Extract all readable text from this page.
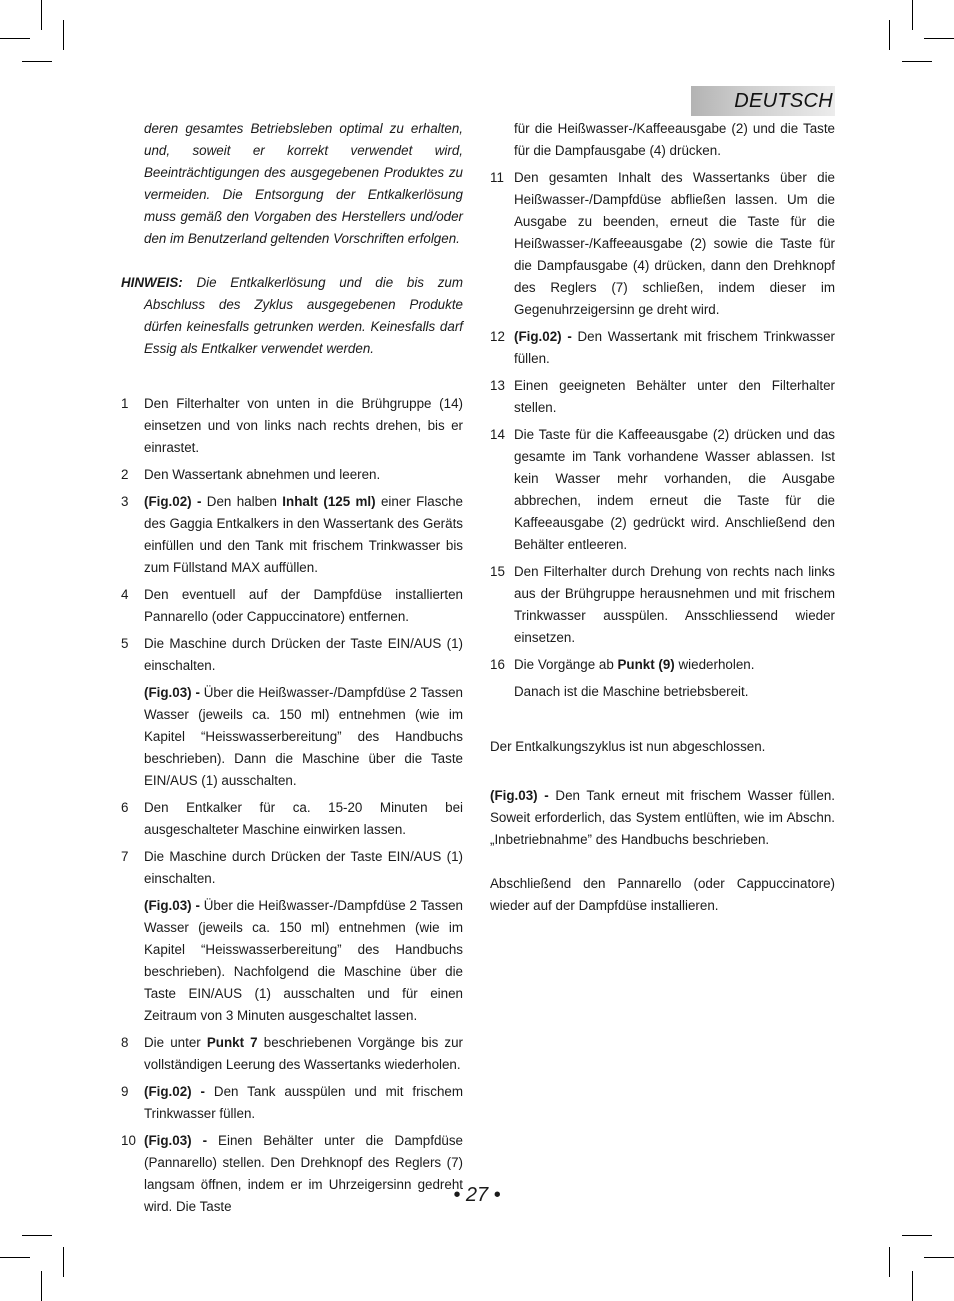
DEUTSCH
deren gesamtes Betriebsleben optimal zu erhalten, und, soweit er korrekt verwendet wird, Beeinträchtigungen des ausgegebenen Produktes zu vermeiden. Die Entsorgung der Entkalkerlösung muss gemäß den Vorgaben des Herstellers und/oder den im Benutzerland geltenden Vorschriften erfolgen.
HINWEIS: Die Entkalkerlösung und die bis zum Abschluss des Zyklus ausgegebenen Produkte dürfen keinesfalls getrunken werden. Keinesfalls darf Essig als Entkalker verwendet werden.
1 Den Filterhalter von unten in die Brühgruppe (14) einsetzen und von links nach rechts drehen, bis er einrastet.

2 Den Wassertank abnehmen und leeren.

3 (Fig.02) - Den halben Inhalt (125 ml) einer Flasche des Gaggia Entkalkers in den Wassertank des Geräts einfüllen und den Tank mit frischem Trinkwasser bis zum Füllstand MAX auffüllen.

4 Den eventuell auf der Dampfdüse installierten Pannarello (oder Cappuccinatore) entfernen.

5 Die Maschine durch Drücken der Taste EIN/AUS (1) einschalten.

(Fig.03) - Über die Heißwasser-/Dampfdüse 2 Tassen Wasser (jeweils ca. 150 ml) entnehmen (wie im Kapitel “Heisswasserbereitung” des Handbuchs beschrieben). Dann die Maschine über die Taste EIN/AUS (1) ausschalten.

6 Den Entkalker für ca. 15-20 Minuten bei ausgeschalteter Maschine einwirken lassen.

7 Die Maschine durch Drücken der Taste EIN/AUS (1) einschalten.

(Fig.03) - Über die Heißwasser-/Dampfdüse 2 Tassen Wasser (jeweils ca. 150 ml) entnehmen (wie im Kapitel “Heisswasserbereitung” des Handbuchs beschrieben). Nachfolgend die Maschine über die Taste EIN/AUS (1) ausschalten und für einen Zeitraum von 3 Minuten ausgeschaltet lassen.

8 Die unter Punkt 7 beschriebenen Vorgänge bis zur vollständigen Leerung des Wassertanks wiederholen.

9 (Fig.02) - Den Tank ausspülen und mit frischem Trinkwasser füllen.

10 (Fig.03) - Einen Behälter unter die Dampfdüse (Pannarello) stellen. Den Drehknopf des Reglers (7) langsam öffnen, indem er im Uhrzeigersinn gedreht wird. Die Taste

für die Heißwasser-/Kaffeeausgabe (2) und die Taste für die Dampfausgabe (4) drücken.

11 Den gesamten Inhalt des Wassertanks über die Heißwasser-/Dampfdüse abfließen lassen. Um die Ausgabe zu beenden, erneut die Taste für die Heißwasser-/Kaffeeausgabe (2) sowie die Taste für die Dampfausgabe (4) drücken, dann den Drehknopf des Reglers (7) schließen, indem dieser im Gegenuhrzeigersinn ge dreht wird.

12 (Fig.02) - Den Wassertank mit frischem Trinkwasser füllen.

13 Einen geeigneten Behälter unter den Filterhalter stellen.

14 Die Taste für die Kaffeeausgabe (2) drücken und das gesamte im Tank vorhandene Wasser ablassen. Ist kein Wasser mehr vorhanden, die Ausgabe abbrechen, indem erneut die Taste für die Kaffeeausgabe (2) gedrückt wird. Anschließend den Behälter entleeren.

15 Den Filterhalter durch Drehung von rechts nach links aus der Brühgruppe herausnehmen und mit frischem Trinkwasser ausspülen. Ansschliessend wieder einsetzen.

16 Die Vorgänge ab Punkt (9) wiederholen.

Danach ist die Maschine betriebsbereit.

Der Entkalkungszyklus ist nun abgeschlossen.
(Fig.03) - Den Tank erneut mit frischem Wasser füllen. Soweit erforderlich, das System entlüften, wie im Abschn. „Inbetriebnahme” des Handbuchs beschrieben.
Abschließend den Pannarello (oder Cappuccinatore) wieder auf der Dampfdüse installieren.
• 27 •
